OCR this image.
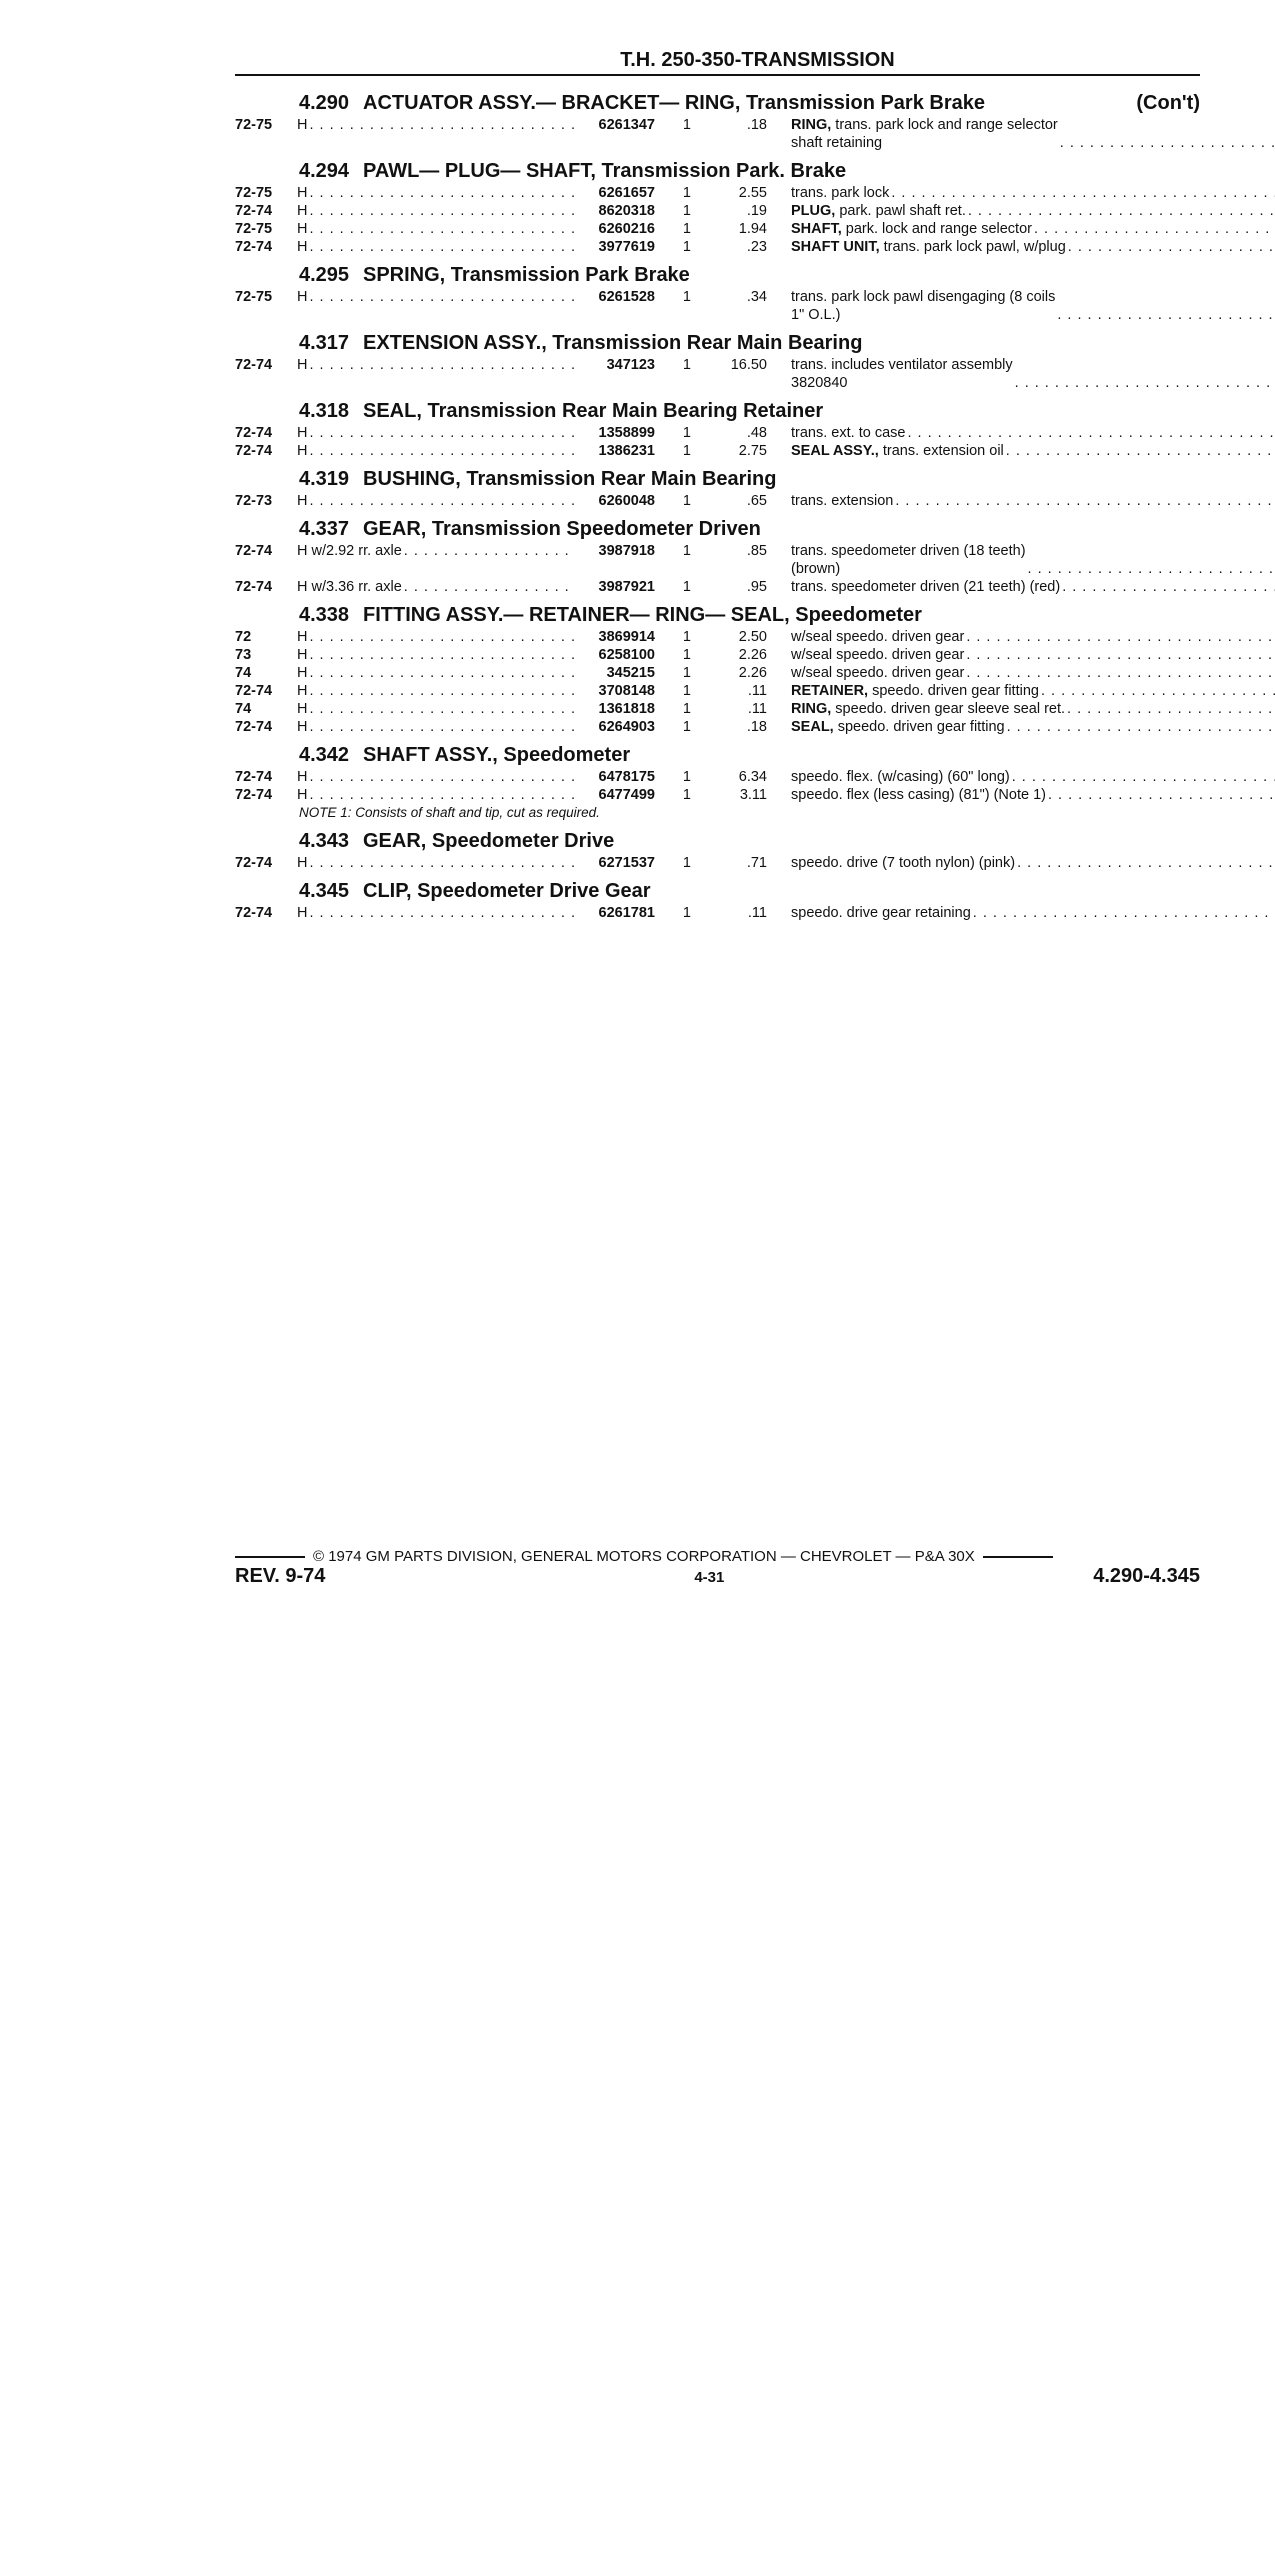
T.H. 250-350-TRANSMISSION
4.290 ACTUATOR ASSY.— BRACKET— RING, Transmission Park Brake	(Con't)
72-75	H . . .	6261347	1	.18 RING, trans. park lock and range selector
shaft retaining
. . .
4.294 PAWL— PLUG— SHAFT, Transmission Park. Brake
72-75	H . . .	6261657	1	2.55 trans. park lock
. . .
72-74	H . . .	8620318	1	.19 PLUG, park. pawl shaft ret.
. . .
72-75	H . . .	6260216	1	1.94 SHAFT, park. lock and range selector
. . .
72-74	H . . .	3977619	1	.23 SHAFT UNIT, trans. park lock pawl, w/plug
. . .
4.295 SPRING, Transmission Park Brake
72-75	H . . .	6261528	1	.34 trans. park lock pawl disengaging (8 coils
1" O.L.)
. . .
4.317 EXTENSION ASSY., Transmission Rear Main Bearing
72-74	H . . .	347123	1	16.50 trans. includes ventilator assembly
3820840
. . .
4.318 SEAL, Transmission Rear Main Bearing Retainer
72-74	H . . .	1358899	1	.48 trans. ext. to case
. . .
72-74	H . . .	1386231	1	2.75 SEAL ASSY., trans. extension oil
. . .
4.319 BUSHING, Transmission Rear Main Bearing
72-73	H . . .	6260048	1	.65 trans. extension
. . .
4.337 GEAR, Transmission Speedometer Driven
72-74	H w/2.92 rr. axle . . .	3987918	1	.85 trans. speedometer driven (18 teeth)
(brown)
. . .
72-74	H w/3.36 rr. axle . . .	3987921	1	.95 trans. speedometer driven (21 teeth) (red)
. . .
4.338 FITTING ASSY.— RETAINER— RING— SEAL, Speedometer
72	H . . .	3869914	1	2.50 w/seal speedo. driven gear
. . .
73	H . . .	6258100	1	2.26 w/seal speedo. driven gear
. . .
74	H . . .	345215	1	2.26 w/seal speedo. driven gear
. . .
72-74	H . . .	3708148	1	.11 RETAINER, speedo. driven gear fitting
. . .
74	H . . .	1361818	1	.11 RING, speedo. driven gear sleeve seal ret.
. . .
72-74	H . . .	6264903	1	.18 SEAL, speedo. driven gear fitting
. . .
4.342 SHAFT ASSY., Speedometer
72-74	H . . .	6478175	1	6.34 speedo. flex. (w/casing) (60" long)
. . .
72-74	H . . .	6477499	1	3.11 speedo. flex (less casing) (81") (Note 1)
. . .
NOTE 1: Consists of shaft and tip, cut as required.
4.343 GEAR, Speedometer Drive
72-74	H . . .	6271537	1	.71 speedo. drive (7 tooth nylon) (pink)
. . .
4.345 CLIP, Speedometer Drive Gear
72-74	H . . .	6261781	1	.11 speedo. drive gear retaining
. . .
© 1974 GM PARTS DIVISION, GENERAL MOTORS CORPORATION — CHEVROLET — P&A 30X
REV. 9-74	4-31	4.290-4.345
